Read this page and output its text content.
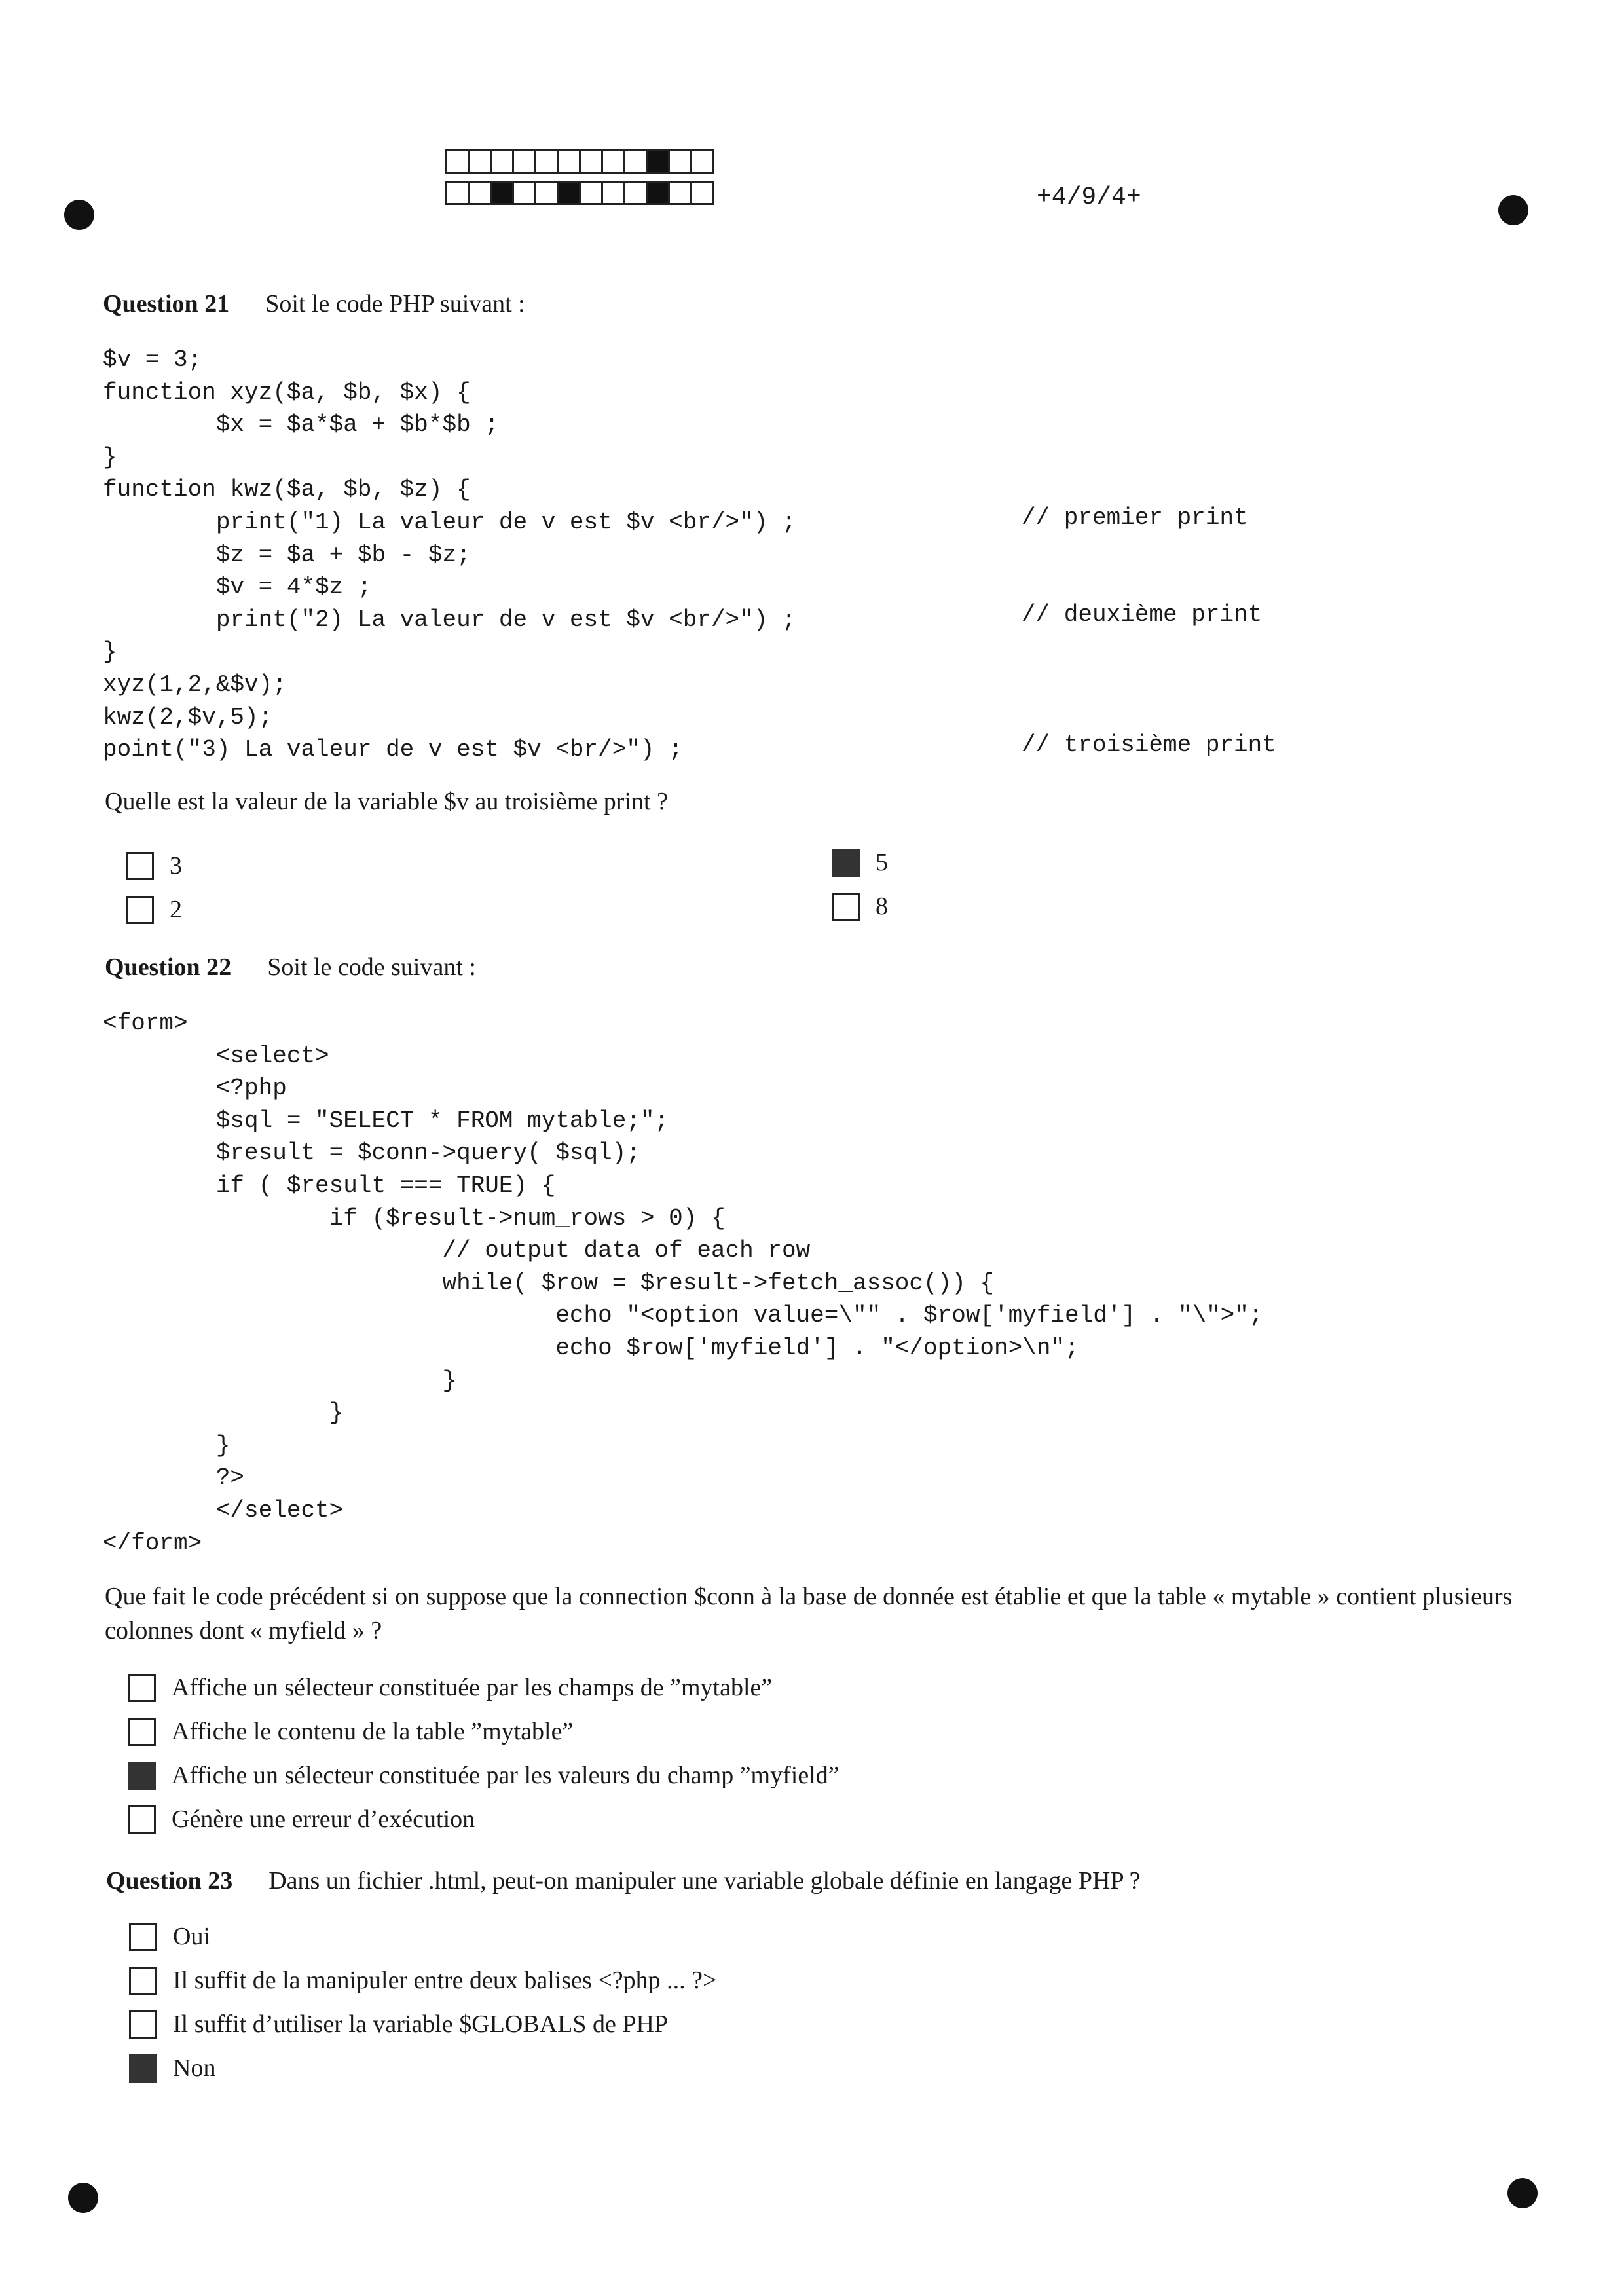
+4/9/4+
Question 21 Soit le code PHP suivant :
$v = 3;
function xyz($a, $b, $x) {
$x = $a*$a + $b*$b ;
}
function kwz($a, $b, $z) {
print("1) La valeur de v est $v <br/>") ;
$z = $a + $b - $z;
$v = 4*$z ;
print("2) La valeur de v est $v <br/>") ;
}
xyz(1,2,&$v);
kwz(2,$v,5);
point("3) La valeur de v est $v <br/>") ;
// premier print
// deuxième print
// troisième print
Quelle est la valeur de la variable $v au troisième print ?
3
2
5
8
Question 22 Soit le code suivant :
<form>
<select>
<?php
$sql = "SELECT * FROM mytable;";
$result = $conn->query( $sql);
if ( $result === TRUE) {
if ($result->num_rows > 0) {
// output data of each row
while( $row = $result->fetch_assoc()) {
echo "<option value=\"" . $row['myfield'] . "\">";
echo $row['myfield'] . "</option>\n";
}
}
}
?>
</select>
</form>
Que fait le code précédent si on suppose que la connection $conn à la base de donnée est établie et que la table « mytable » contient plusieurs colonnes dont « myfield » ?
Affiche un sélecteur constituée par les champs de ”mytable”
Affiche le contenu de la table ”mytable”
Affiche un sélecteur constituée par les valeurs du champ ”myfield”
Génère une erreur d’exécution
Question 23 Dans un fichier .html, peut-on manipuler une variable globale définie en langage PHP ?
Oui
Il suffit de la manipuler entre deux balises <?php ... ?>
Il suffit d’utiliser la variable $GLOBALS de PHP
Non
